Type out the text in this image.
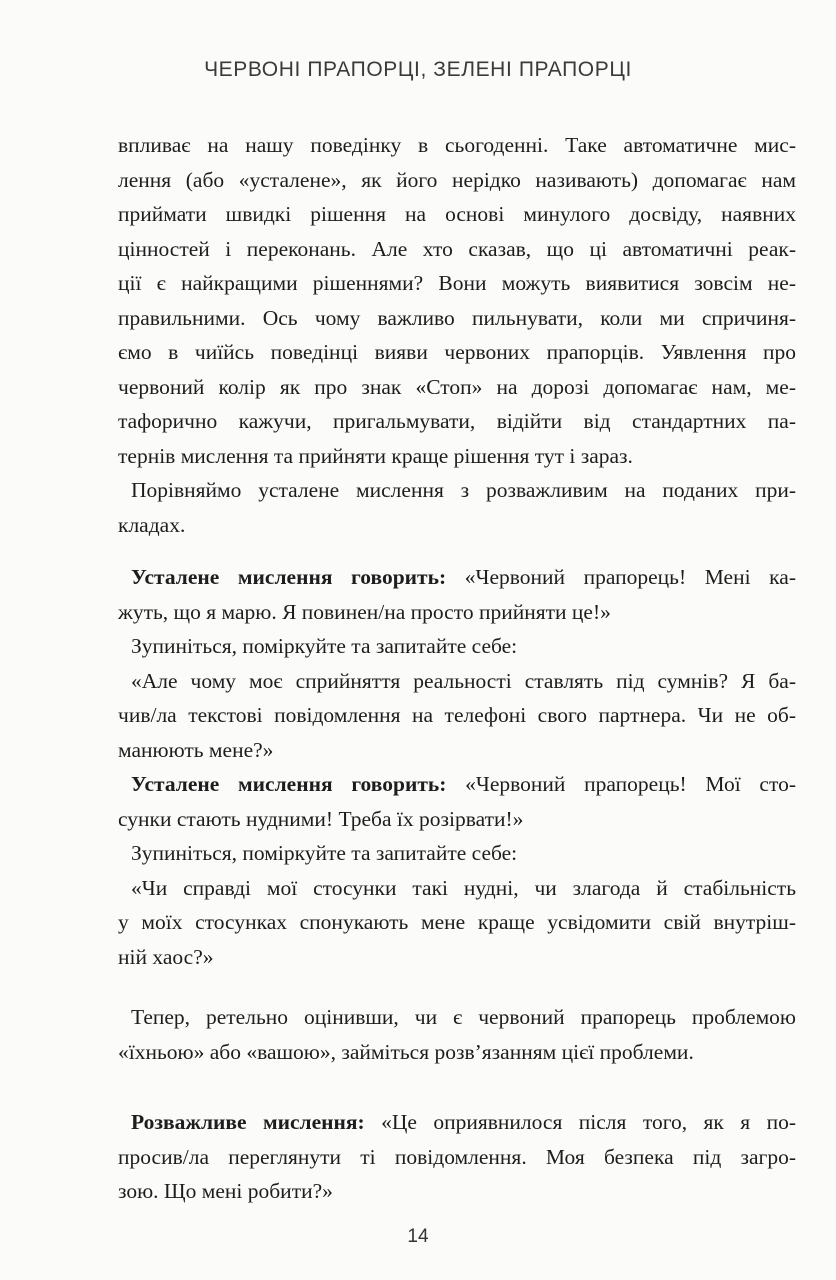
ЧЕРВОНІ ПРАПОРЦІ, ЗЕЛЕНІ ПРАПОРЦІ
впливає на нашу поведінку в сьогоденні. Таке автоматичне мис-
лення (або «усталене», як його нерідко називають) допомагає нам
приймати швидкі рішення на основі минулого досвіду, наявних
цінностей і переконань. Але хто сказав, що ці автоматичні реак-
ції є найкращими рішеннями? Вони можуть виявитися зовсім не-
правильними. Ось чому важливо пильнувати, коли ми спричиня-
ємо в чиїйсь поведінці вияви червоних прапорців. Уявлення про
червоний колір як про знак «Стоп» на дорозі допомагає нам, ме-
тафорично кажучи, пригальмувати, відійти від стандартних па-
тернів мислення та прийняти краще рішення тут і зараз.
Порівняймо усталене мислення з розважливим на поданих при-
кладах.
Усталене мислення говорить: «Червоний прапорець! Мені ка-
жуть, що я марю. Я повинен/на просто прийняти це!»
Зупиніться, поміркуйте та запитайте себе:
«Але чому моє сприйняття реальності ставлять під сумнів? Я ба-
чив/ла текстові повідомлення на телефоні свого партнера. Чи не об-
манюють мене?»
Усталене мислення говорить: «Червоний прапорець! Мої сто-
сунки стають нудними! Треба їх розірвати!»
Зупиніться, поміркуйте та запитайте себе:
«Чи справді мої стосунки такі нудні, чи злагода й стабільність
у моїх стосунках спонукають мене краще усвідомити свій внутріш-
ній хаос?»
Тепер, ретельно оцінивши, чи є червоний прапорець проблемою
«їхньою» або «вашою», займіться розв’язанням цієї проблеми.
Розважливе мислення: «Це оприявнилося після того, як я по-
просив/ла переглянути ті повідомлення. Моя безпека під загро-
зою. Що мені робити?»
14
